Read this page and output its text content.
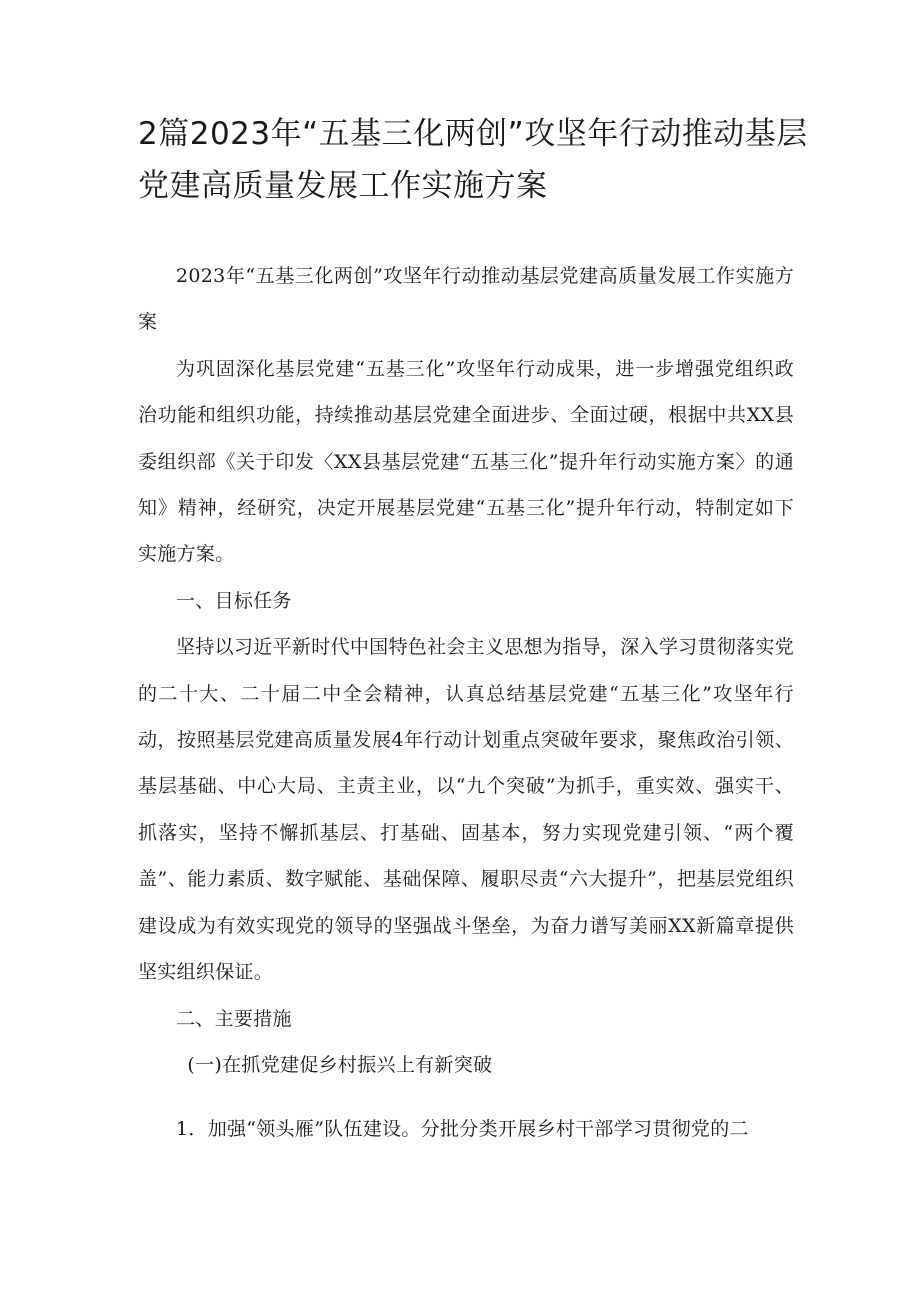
2篇2023年“五基三化两创”攻坚年行动推动基层党建高质量发展工作实施方案

2023年“五基三化两创”攻坚年行动推动基层党建高质量发展工作实施方案

为巩固深化基层党建“五基三化”攻坚年行动成果，进一步增强党组织政治功能和组织功能，持续推动基层党建全面进步、全面过硬，根据中共XX县委组织部《关于印发〈XX县基层党建“五基三化”提升年行动实施方案〉的通知》精神，经研究，决定开展基层党建“五基三化”提升年行动，特制定如下实施方案。

一、目标任务

坚持以习近平新时代中国特色社会主义思想为指导，深入学习贯彻落实党的二十大、二十届二中全会精神，认真总结基层党建“五基三化”攻坚年行动，按照基层党建高质量发展4年行动计划重点突破年要求，聚焦政治引领、基层基础、中心大局、主责主业，以“九个突破”为抓手，重实效、强实干、抓落实，坚持不懈抓基层、打基础、固基本，努力实现党建引领、“两个覆盖”、能力素质、数字赋能、基础保障、履职尽责“六大提升”，把基层党组织建设成为有效实现党的领导的坚强战斗堡垒，为奋力谱写美丽XX新篇章提供坚实组织保证。

二、主要措施

(一)在抓党建促乡村振兴上有新突破

1．加强“领头雁”队伍建设。分批分类开展乡村干部学习贯彻党的二
